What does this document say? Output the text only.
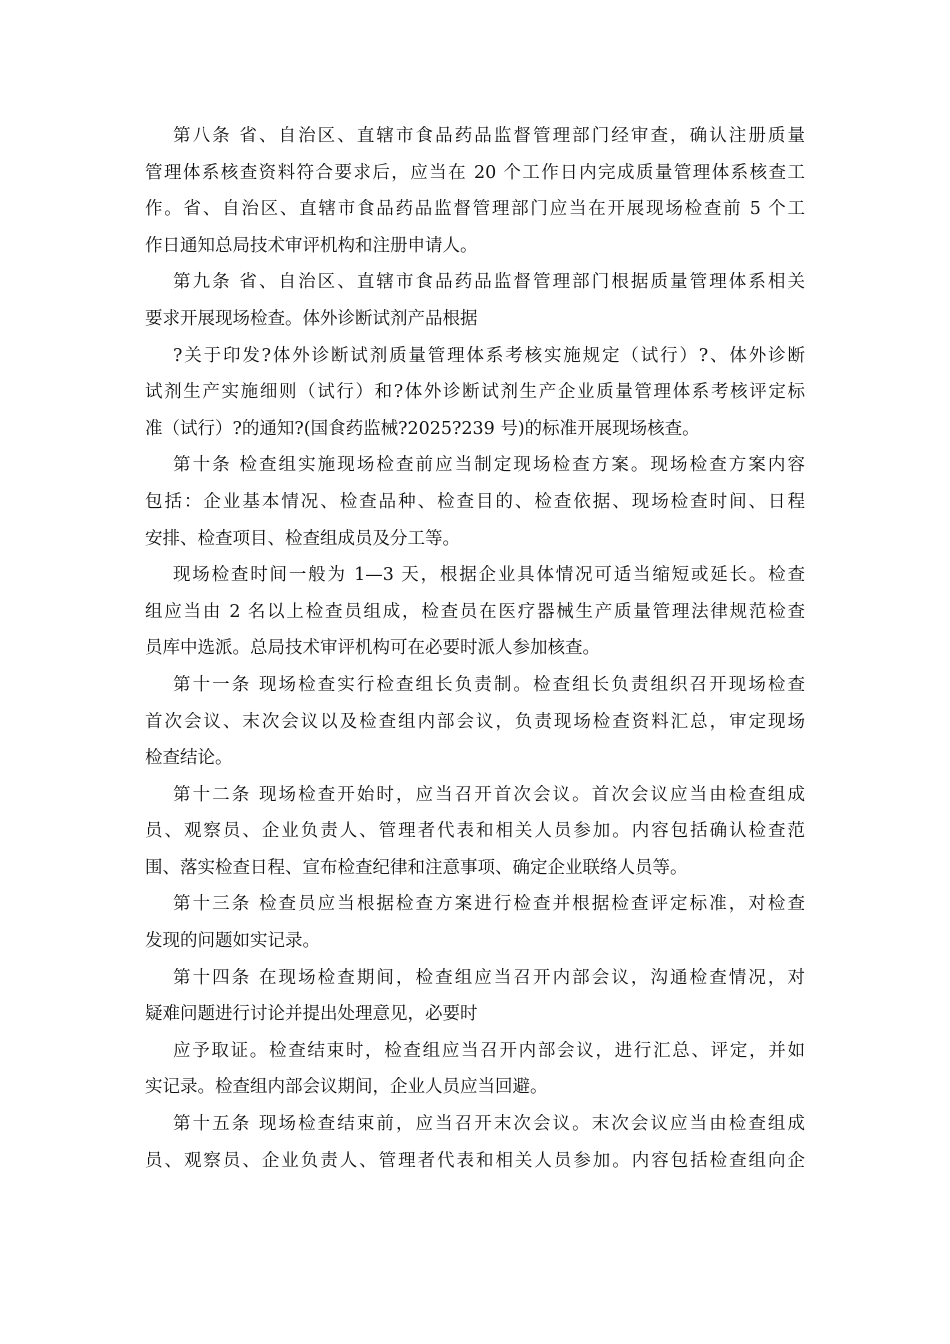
第八条 省、自治区、直辖市食品药品监督管理部门经审查，确认注册质量
管理体系核查资料符合要求后，应当在 20 个工作日内完成质量管理体系核查工
作。省、自治区、直辖市食品药品监督管理部门应当在开展现场检查前 5 个工
作日通知总局技术审评机构和注册申请人。
第九条 省、自治区、直辖市食品药品监督管理部门根据质量管理体系相关
要求开展现场检查。体外诊断试剂产品根据
?关于印发?体外诊断试剂质量管理体系考核实施规定（试行）?、体外诊断
试剂生产实施细则（试行）和?体外诊断试剂生产企业质量管理体系考核评定标
准（试行）?的通知?(国食药监械?2025?239 号)的标准开展现场核查。
第十条 检查组实施现场检查前应当制定现场检查方案。现场检查方案内容
包括：企业基本情况、检查品种、检查目的、检查依据、现场检查时间、日程
安排、检查项目、检查组成员及分工等。
现场检查时间一般为 1—3 天，根据企业具体情况可适当缩短或延长。检查
组应当由 2 名以上检查员组成，检查员在医疗器械生产质量管理法律规范检查
员库中选派。总局技术审评机构可在必要时派人参加核查。
第十一条 现场检查实行检查组长负责制。检查组长负责组织召开现场检查
首次会议、末次会议以及检查组内部会议，负责现场检查资料汇总，审定现场
检查结论。
第十二条 现场检查开始时，应当召开首次会议。首次会议应当由检查组成
员、观察员、企业负责人、管理者代表和相关人员参加。内容包括确认检查范
围、落实检查日程、宣布检查纪律和注意事项、确定企业联络人员等。
第十三条 检查员应当根据检查方案进行检查并根据检查评定标准，对检查
发现的问题如实记录。
第十四条 在现场检查期间，检查组应当召开内部会议，沟通检查情况，对
疑难问题进行讨论并提出处理意见，必要时
应予取证。检查结束时，检查组应当召开内部会议，进行汇总、评定，并如
实记录。检查组内部会议期间，企业人员应当回避。
第十五条 现场检查结束前，应当召开末次会议。末次会议应当由检查组成
员、观察员、企业负责人、管理者代表和相关人员参加。内容包括检查组向企
